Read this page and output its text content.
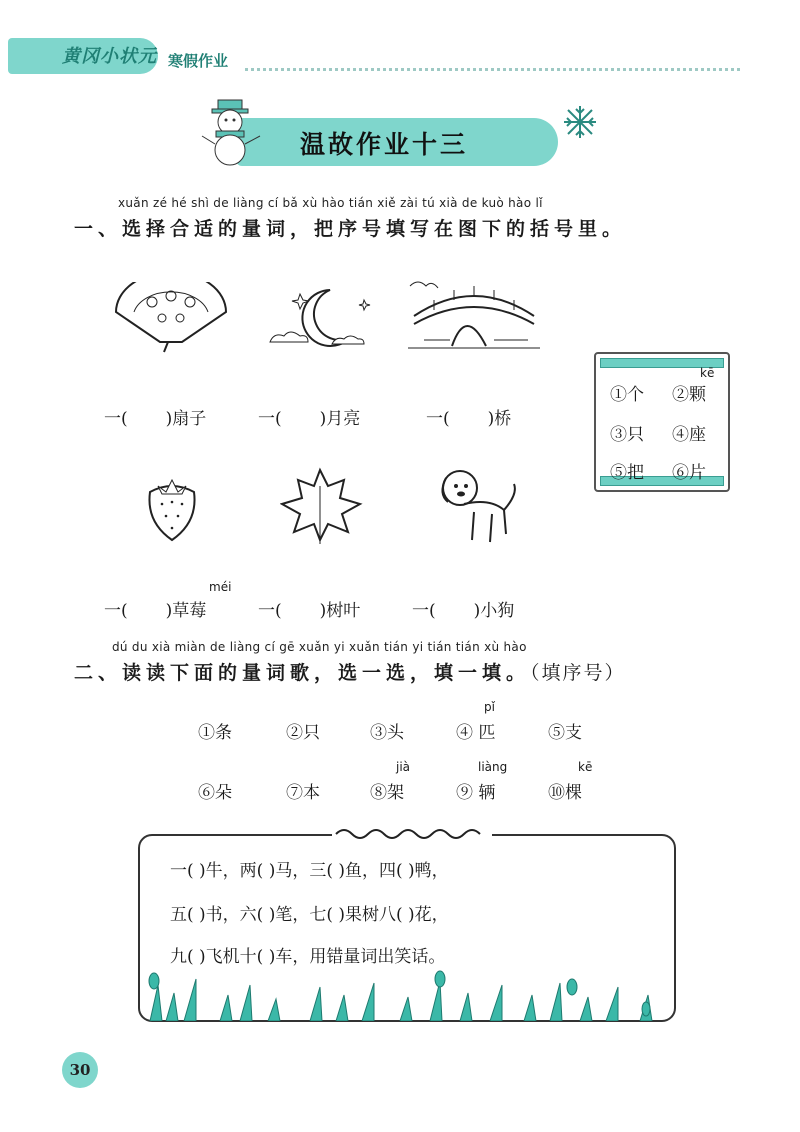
黄冈小状元 寒假作业
温故作业十三
xuǎn zé hé shì de liàng cí bǎ xù hào tián xiě zài tú xià de kuò hào lǐ
一、选择合适的量词，把序号填写在图下的括号里。
一( )扇子	一( )月亮	一( )桥
kē
①个 ②颗
③只 ④座
⑤把 ⑥片
méi
一( )草莓	一( )树叶	一( )小狗
dú du xià miàn de liàng cí gē xuǎn yi xuǎn tián yi tián tián xù hào
二、读读下面的量词歌，选一选，填一填。（填序号）
pǐ
①条	②只	③头	④ 匹	⑤支
jià	liàng	kē
⑥朵	⑦本	⑧架	⑨ 辆	⑩棵
一( )牛，两( )马，三( )鱼，四( )鸭，
五( )书，六( )笔，七( )果树八( )花，
九( )飞机十( )车，用错量词出笑话。
30
